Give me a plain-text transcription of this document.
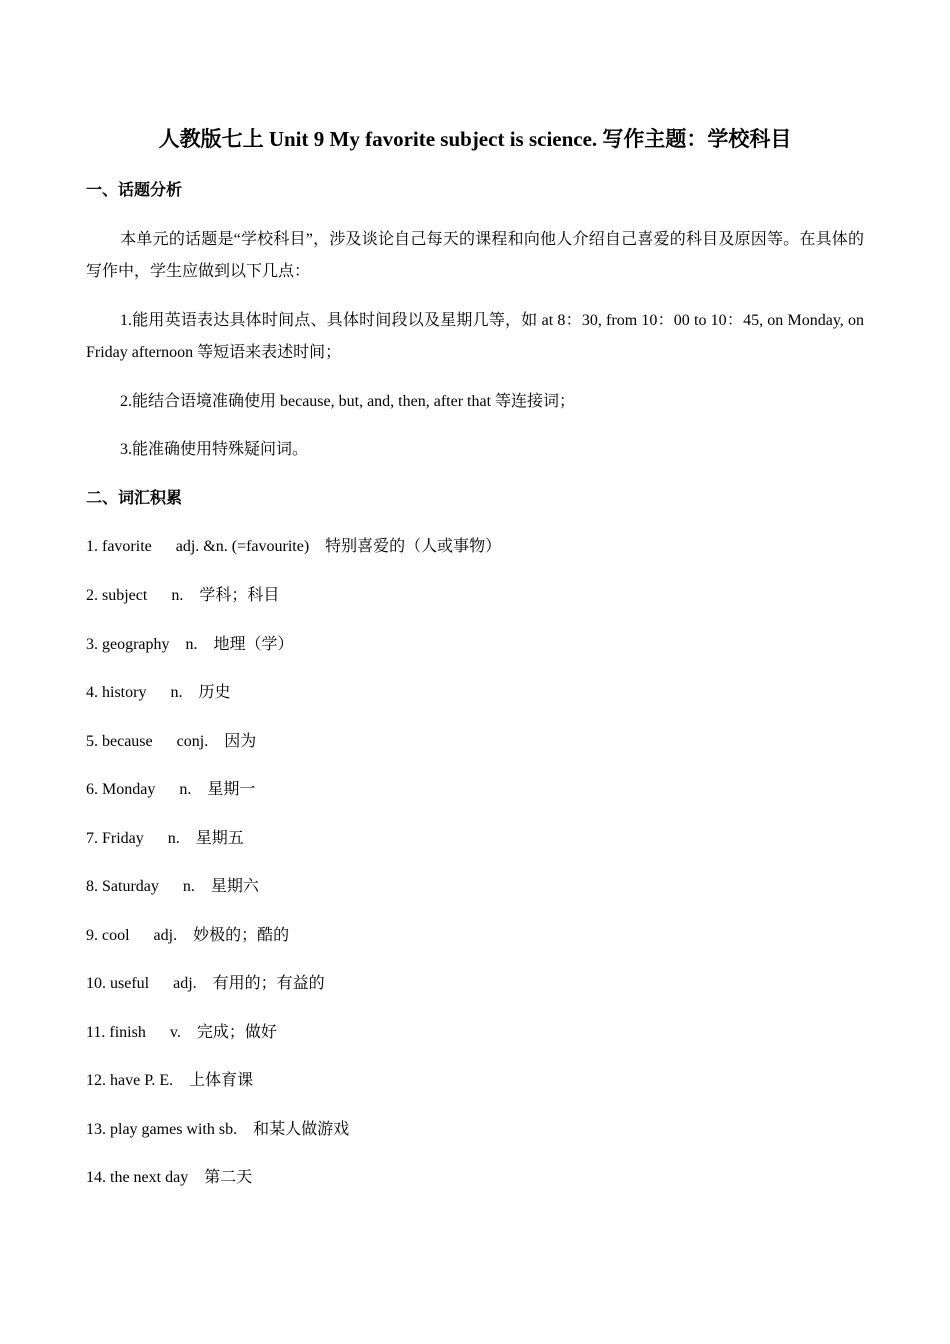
人教版七上 Unit 9 My favorite subject is science. 写作主题：学校科目
一、话题分析
本单元的话题是“学校科目”，涉及谈论自己每天的课程和向他人介绍自己喜爱的科目及原因等。在具体的写作中，学生应做到以下几点：
1.能用英语表达具体时间点、具体时间段以及星期几等，如 at 8：30, from 10：00 to 10：45, on Monday, on Friday afternoon 等短语来表述时间；
2.能结合语境准确使用 because, but, and, then, after that 等连接词；
3.能准确使用特殊疑问词。
二、词汇积累
1. favorite adj. &n. (=favourite) 特别喜爱的（人或事物）
2. subject n. 学科；科目
3. geography n. 地理（学）
4. history n. 历史
5. because conj. 因为
6. Monday n. 星期一
7. Friday n. 星期五
8. Saturday n. 星期六
9. cool adj. 妙极的；酷的
10. useful adj. 有用的；有益的
11. finish v. 完成；做好
12. have P. E. 上体育课
13. play games with sb. 和某人做游戏
14. the next day 第二天
